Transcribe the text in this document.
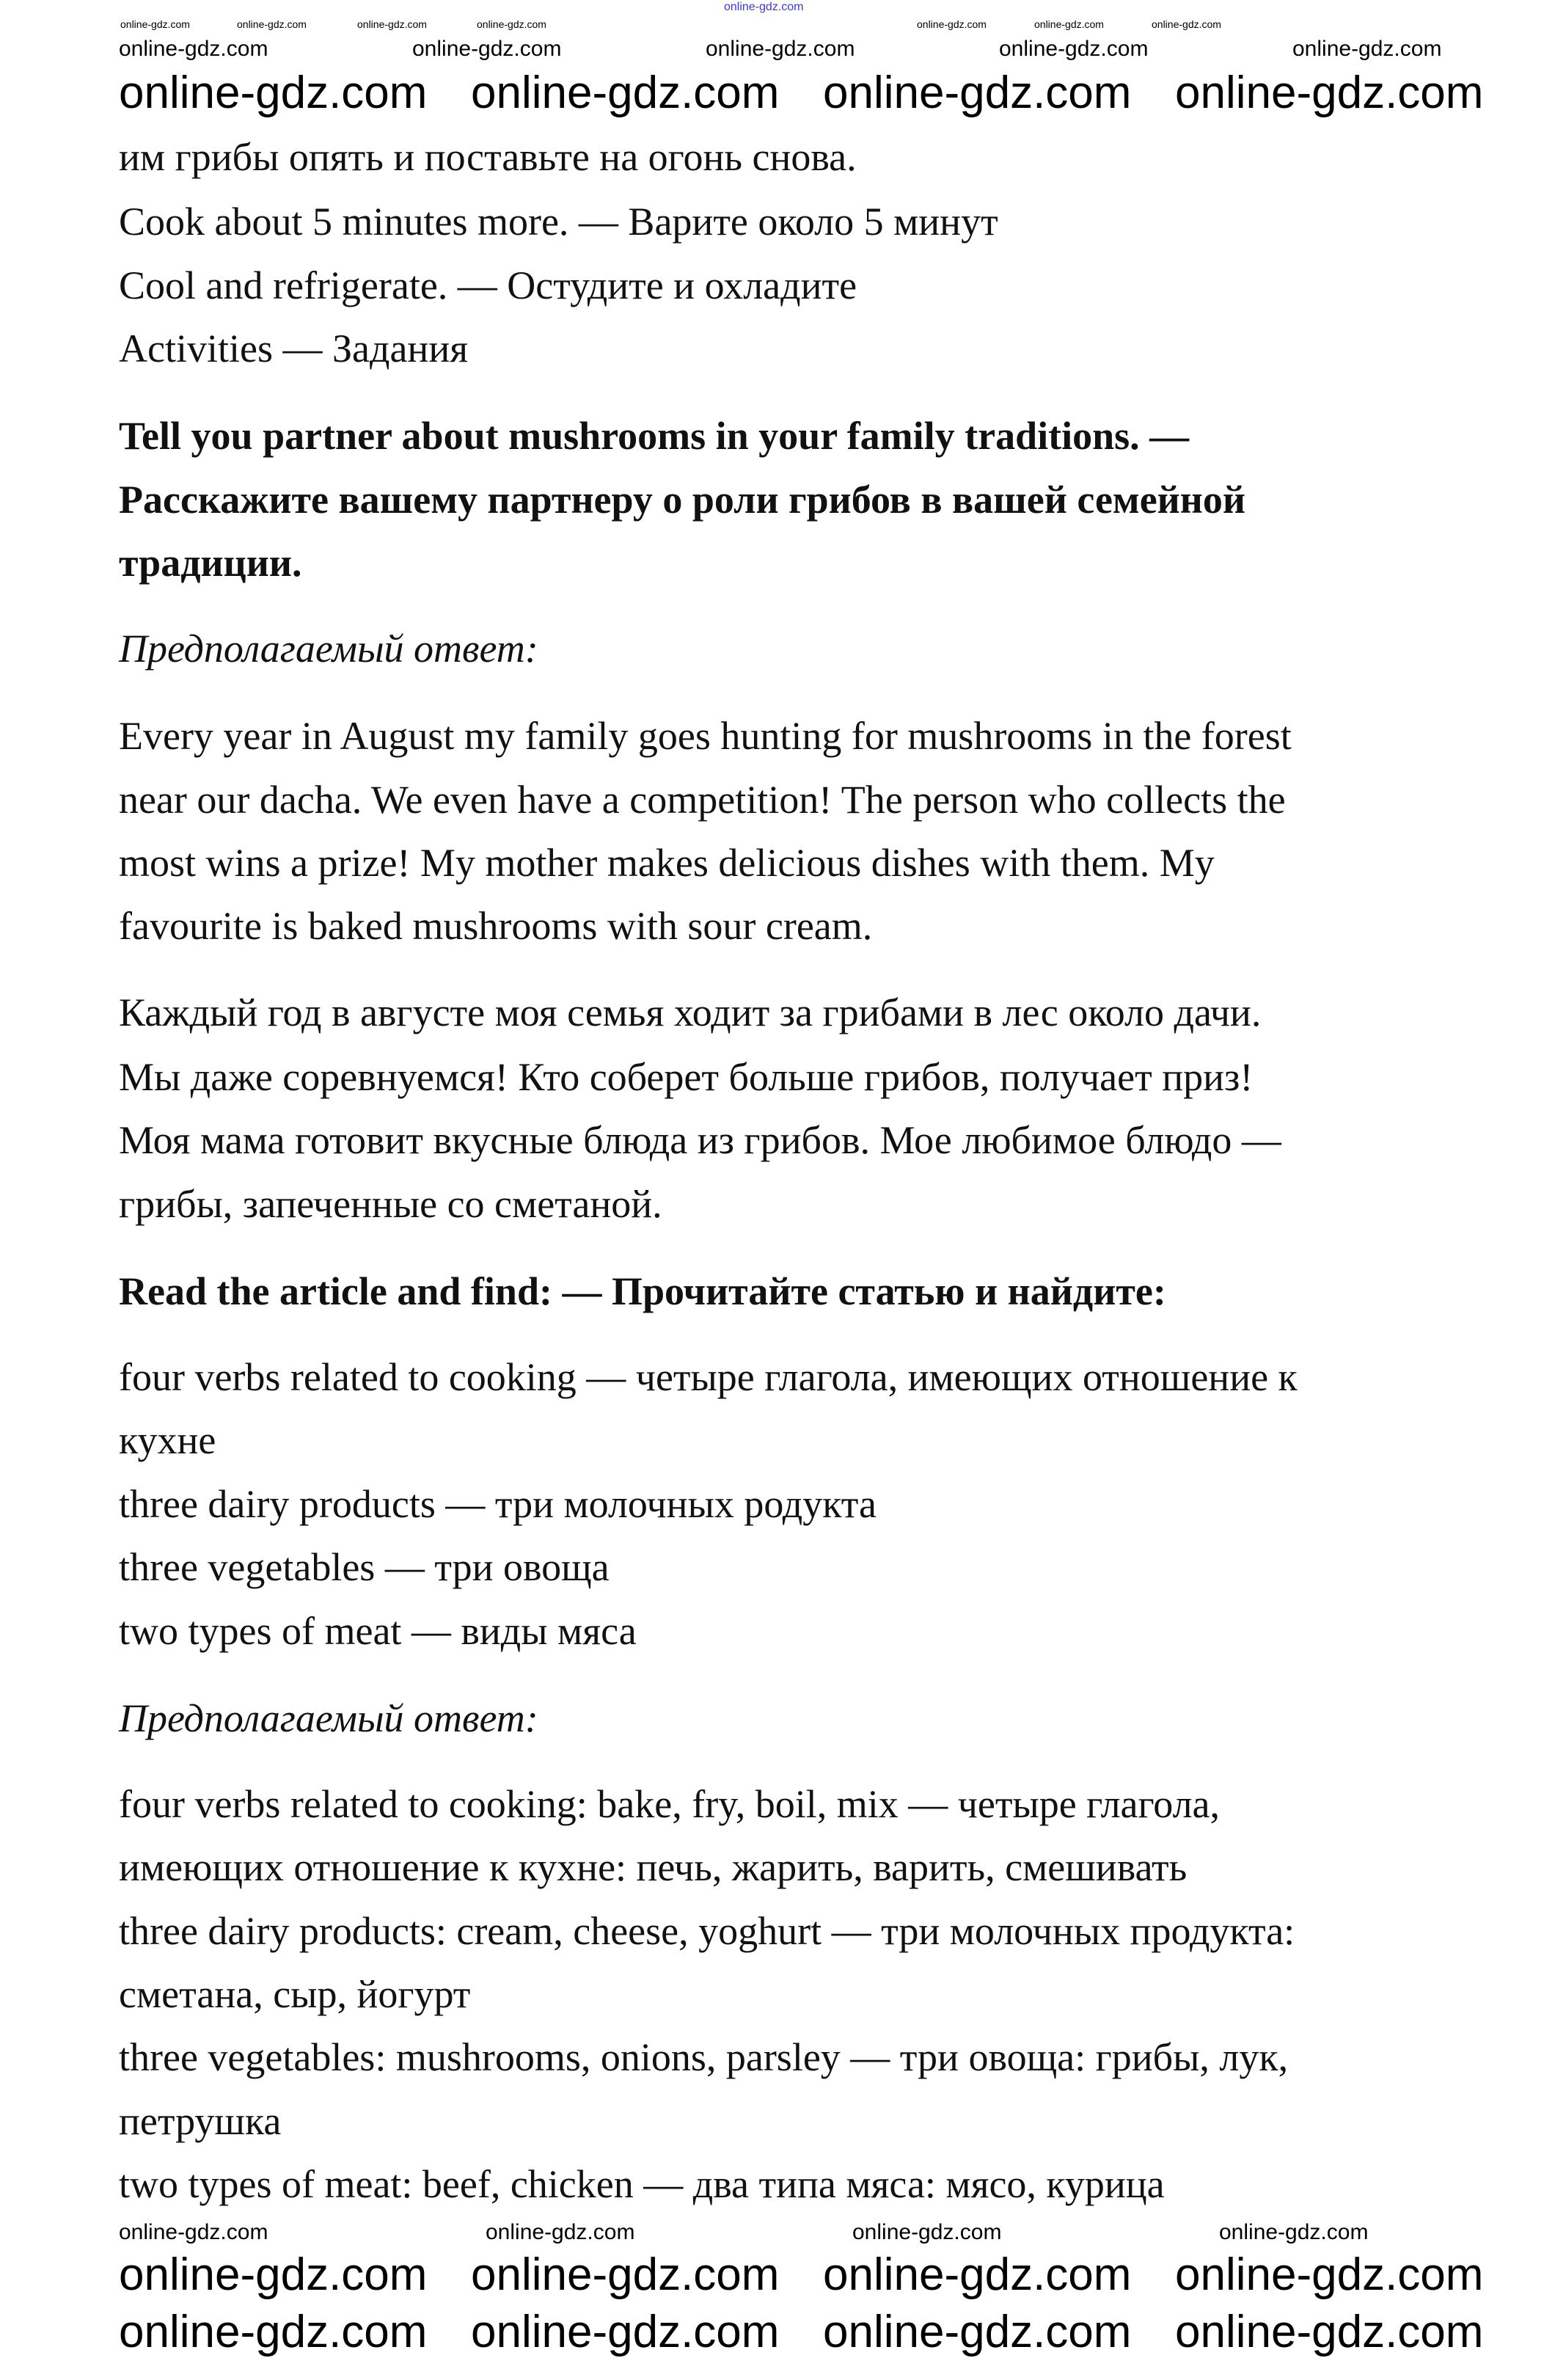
им грибы опять и поставьте на огонь снова.
Cook about 5 minutes more. — Варите около 5 минут
Cool and refrigerate. — Остудите и охладите
Activities — Задания
Tell you partner about mushrooms in your family traditions. —
Расскажите вашему партнеру о роли грибов в вашей семейной
традиции.
Предполагаемый ответ:
Every year in August my family goes hunting for mushrooms in the forest
near our dacha. We even have a competition! The person who collects the
most wins a prize! My mother makes delicious dishes with them. My
favourite is baked mushrooms with sour cream.
Каждый год в августе моя семья ходит за грибами в лес около дачи.
Мы даже соревнуемся! Кто соберет больше грибов, получает приз!
Моя мама готовит вкусные блюда из грибов. Мое любимое блюдо —
грибы, запеченные со сметаной.
Read the article and find: — Прочитайте статью и найдите:
four verbs related to cooking — четыре глагола, имеющих отношение к
кухне
three dairy products — три молочных родукта
three vegetables — три овоща
two types of meat — виды мяса
Предполагаемый ответ:
four verbs related to cooking: bake, fry, boil, mix — четыре глагола,
имеющих отношение к кухне: печь, жарить, варить, смешивать
three dairy products: cream, cheese, yoghurt — три молочных продукта:
сметана, сыр, йогурт
three vegetables: mushrooms, onions, parsley — три овоща: грибы, лук,
петрушка
two types of meat: beef, chicken — два типа мяса: мясо, курица
online-gdz.com
online-gdz.com	online-gdz.com	online-gdz.com	online-gdz.com	online-gdz.com	online-gdz.com	online-gdz.com
online-gdz.com	online-gdz.com	online-gdz.com	online-gdz.com	online-gdz.com
online-gdz.com online-gdz.com online-gdz.com online-gdz.com
online-gdz.com	online-gdz.com	online-gdz.com	online-gdz.com
online-gdz.com online-gdz.com online-gdz.com online-gdz.com
online-gdz.com online-gdz.com online-gdz.com online-gdz.com
